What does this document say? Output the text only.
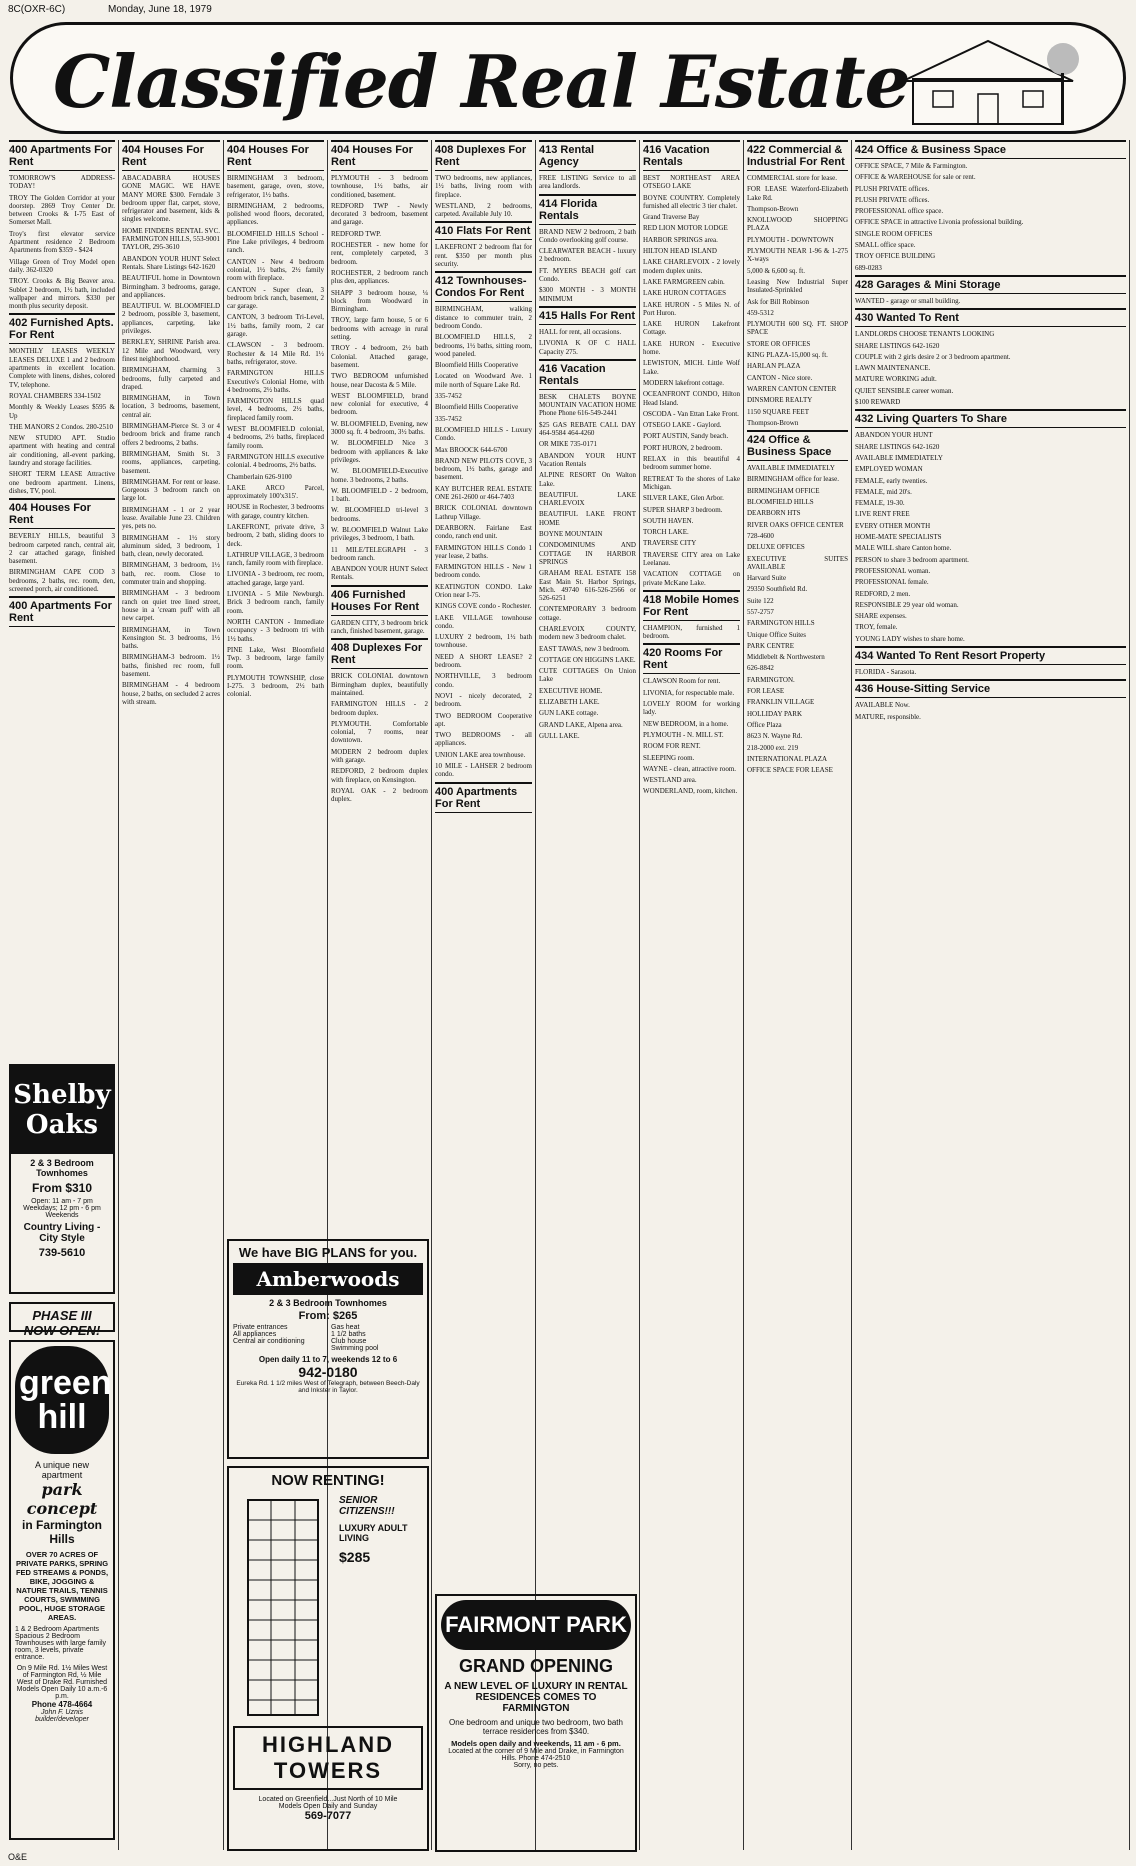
8C(OXR-6C)	Monday, June 18, 1979
Classified Real Estate
400 Apartments For Rent
TOMORROW'S ADDRESS-TODAY!
TROY The Golden Corridor at your doorstep. 2869 Troy Center Dr. between Crooks & I-75 East of Somerset Mall.
Troy's first elevator service Apartment residence 2 Bedroom Apartments from $359 - $424
Village Green of Troy Model open daily. 362-0320
TROY. Crooks & Big Beaver area. Sublet 2 bedroom, 1½ bath, included wallpaper and mirrors. $330 per month plus security deposit.
402 Furnished Apts. For Rent
MONTHLY LEASES WEEKLY LEASES DELUXE 1 and 2 bedroom apartments in excellent location. Complete with linens, dishes, colored TV, telephone.
ROYAL CHAMBERS 334-1502
Monthly & Weekly Leases $595 & Up
THE MANORS 2 Condos. 280-2510
NEW STUDIO APT. Studio apartment with heating and central air conditioning, all-event parking, laundry and storage facilities.
SHORT TERM LEASE Attractive one bedroom apartment. Linens, dishes, TV, pool.
404 Houses For Rent
BEVERLY HILLS, beautiful 3 bedroom carpeted ranch, central air, 2 car attached garage, finished basement.
BIRMINGHAM CAPE COD 3 bedrooms, 2 baths, rec. room, den, screened porch, air conditioned.
400 Apartments For Rent
Shelby Oaks
2 & 3 Bedroom Townhomes
From $310
Open: 11 am - 7 pm Weekdays; 12 pm - 6 pm Weekends
Country Living - City Style
739-5610
PHASE III NOW OPEN!
green hill
A unique new apartment
park concept
in Farmington Hills
OVER 70 ACRES OF PRIVATE PARKS, SPRING FED STREAMS & PONDS, BIKE, JOGGING & NATURE TRAILS, TENNIS COURTS, SWIMMING POOL, HUGE STORAGE AREAS.
1 & 2 Bedroom Apartments
Spacious 2 Bedroom Townhouses with large family room, 3 levels, private entrance.
On 9 Mile Rd. 1½ Miles West of Farmington Rd, ½ Mile West of Drake Rd. Furnished Models Open Daily 10 a.m.-6 p.m.
Phone 478-4664
John F. Uznis builder/developer
404 Houses For Rent
ABACADABRA HOUSES GONE MAGIC. WE HAVE MANY MORE $300. Ferndale 3 bedroom upper flat, carpet, stove, refrigerator and basement, kids & singles welcome.
HOME FINDERS RENTAL SVC. FARMINGTON HILLS, 553-9001 TAYLOR, 295-3610
ABANDON YOUR HUNT Select Rentals. Share Listings 642-1620
BEAUTIFUL home in Downtown Birmingham. 3 bedrooms, garage, and appliances.
BEAUTIFUL W. BLOOMFIELD 2 bedroom, possible 3, basement, appliances, carpeting, lake privileges.
BERKLEY, SHRINE Parish area. 12 Mile and Woodward, very finest neighborhood.
BIRMINGHAM, charming 3 bedrooms, fully carpeted and draped.
BIRMINGHAM, in Town location, 3 bedrooms, basement, central air.
BIRMINGHAM-Pierce St. 3 or 4 bedroom brick and frame ranch offers 2 bedrooms, 2 baths.
BIRMINGHAM, Smith St. 3 rooms, appliances, carpeting, basement.
BIRMINGHAM. For rent or lease. Gorgeous 3 bedroom ranch on large lot.
BIRMINGHAM - 1 or 2 year lease. Available June 23. Children yes, pets no.
BIRMINGHAM - 1½ story aluminum sided, 3 bedroom, 1 bath, clean, newly decorated.
BIRMINGHAM, 3 bedroom, 1½ bath, rec. room. Close to commuter train and shopping.
BIRMINGHAM - 3 bedroom ranch on quiet tree lined street, house in a 'cream puff' with all new carpet.
BIRMINGHAM, in Town Kensington St. 3 bedrooms, 1½ baths.
BIRMINGHAM-3 bedroom. 1½ baths, finished rec room, full basement.
BIRMINGHAM - 4 bedroom house, 2 baths, on secluded 2 acres with stream.
404 Houses For Rent
BIRMINGHAM 3 bedroom, basement, garage, oven, stove, refrigerator, 1½ baths.
BIRMINGHAM, 2 bedrooms, polished wood floors, decorated, appliances.
BLOOMFIELD HILLS School - Pine Lake privileges, 4 bedroom ranch.
CANTON - New 4 bedroom colonial, 1½ baths, 2½ family room with fireplace.
CANTON - Super clean, 3 bedroom brick ranch, basement, 2 car garage.
CANTON, 3 bedroom Tri-Level, 1½ baths, family room, 2 car garage.
CLAWSON - 3 bedroom. Rochester & 14 Mile Rd. 1½ baths, refrigerator, stove.
FARMINGTON HILLS Executive's Colonial Home, with 4 bedrooms, 2½ baths.
FARMINGTON HILLS quad level, 4 bedrooms, 2½ baths, fireplaced family room.
WEST BLOOMFIELD colonial, 4 bedrooms, 2½ baths, fireplaced family room.
FARMINGTON HILLS executive colonial. 4 bedrooms, 2½ baths.
Chamberlain 626-9100
LAKE ARCO Parcel, approximately 100'x315'.
HOUSE in Rochester, 3 bedrooms with garage, country kitchen.
LAKEFRONT, private drive, 3 bedroom, 2 bath, sliding doors to deck.
LATHRUP VILLAGE, 3 bedroom ranch, family room with fireplace.
LIVONIA - 3 bedroom, rec room, attached garage, large yard.
LIVONIA - 5 Mile Newburgh. Brick 3 bedroom ranch, family room.
NORTH CANTON - Immediate occupancy - 3 bedroom tri with 1½ baths.
PINE Lake, West Bloomfield Twp. 3 bedroom, large family room.
PLYMOUTH TOWNSHIP, close I-275. 3 bedroom, 2½ bath colonial.
404 Houses For Rent
PLYMOUTH - 3 bedroom townhouse, 1½ baths, air conditioned, basement.
REDFORD TWP - Newly decorated 3 bedroom, basement and garage.
REDFORD TWP.
ROCHESTER - new home for rent, completely carpeted, 3 bedroom.
ROCHESTER, 2 bedroom ranch plus den, appliances.
SHAPP 3 bedroom house, ¼ block from Woodward in Birmingham.
TROY, large farm house, 5 or 6 bedrooms with acreage in rural setting.
TROY - 4 bedroom, 2½ bath Colonial. Attached garage, basement.
TWO BEDROOM unfurnished house, near Dacosta & 5 Mile.
WEST BLOOMFIELD, brand new colonial for executive, 4 bedroom.
W. BLOOMFIELD, Evening, new 3000 sq. ft. 4 bedroom, 3½ baths.
W. BLOOMFIELD Nice 3 bedroom with appliances & lake privileges.
W. BLOOMFIELD-Executive home. 3 bedrooms, 2 baths.
W. BLOOMFIELD - 2 bedroom, 1 bath.
W. BLOOMFIELD tri-level 3 bedrooms.
W. BLOOMFIELD Walnut Lake privileges, 3 bedroom, 1 bath.
11 MILE/TELEGRAPH - 3 bedroom ranch.
ABANDON YOUR HUNT Select Rentals.
406 Furnished Houses For Rent
GARDEN CITY, 3 bedroom brick ranch, finished basement, garage.
408 Duplexes For Rent
BRICK COLONIAL downtown Birmingham duplex, beautifully maintained.
FARMINGTON HILLS - 2 bedroom duplex.
PLYMOUTH. Comfortable colonial, 7 rooms, near downtown.
MODERN 2 bedroom duplex with garage.
REDFORD, 2 bedroom duplex with fireplace, on Kensington.
ROYAL OAK - 2 bedroom duplex.
408 Duplexes For Rent
TWO bedrooms, new appliances, 1½ baths, living room with fireplace.
WESTLAND, 2 bedrooms, carpeted. Available July 10.
410 Flats For Rent
LAKEFRONT 2 bedroom flat for rent. $350 per month plus security.
412 Townhouses-Condos For Rent
BIRMINGHAM, walking distance to commuter train, 2 bedroom Condo.
BLOOMFIELD HILLS, 2 bedrooms, 1½ baths, sitting room, wood paneled.
Bloomfield Hills Cooperative
Located on Woodward Ave. 1 mile north of Square Lake Rd.
335-7452
Bloomfield Hills Cooperative
335-7452
BLOOMFIELD HILLS - Luxury Condo.
Max BROOCK 644-6700
BRAND NEW PILOTS COVE, 3 bedroom, 1½ baths, garage and basement.
KAY BUTCHER REAL ESTATE ONE 261-2600 or 464-7403
BRICK COLONIAL downtown Lathrup Village.
DEARBORN. Fairlane East condo, ranch end unit.
FARMINGTON HILLS Condo 1 year lease, 2 baths.
FARMINGTON HILLS - New 1 bedroom condo.
KEATINGTON CONDO. Lake Orion near I-75.
KINGS COVE condo - Rochester.
LAKE VILLAGE townhouse condo.
LUXURY 2 bedroom, 1½ bath townhouse.
NEED A SHORT LEASE? 2 bedroom.
NORTHVILLE, 3 bedroom condo.
NOVI - nicely decorated, 2 bedroom.
TWO BEDROOM Cooperative apt.
TWO BEDROOMS - all appliances.
UNION LAKE area townhouse.
10 MILE - LAHSER 2 bedroom condo.
400 Apartments For Rent
413 Rental Agency
FREE LISTING Service to all area landlords.
414 Florida Rentals
BRAND NEW 2 bedroom, 2 bath Condo overlooking golf course.
CLEARWATER BEACH - luxury 2 bedroom.
FT. MYERS BEACH golf cart Condo.
$300 MONTH - 3 MONTH MINIMUM
415 Halls For Rent
HALL for rent, all occasions.
LIVONIA K OF C HALL Capacity 275.
416 Vacation Rentals
BESK CHALETS BOYNE MOUNTAIN VACATION HOME Phone Phone 616-549-2441
$25 GAS REBATE CALL DAY 464-9584 464-4260
OR MIKE 735-0171
ABANDON YOUR HUNT Vacation Rentals
ALPINE RESORT On Walton Lake.
BEAUTIFUL LAKE CHARLEVOIX
BEAUTIFUL LAKE FRONT HOME
BOYNE MOUNTAIN
CONDOMINIUMS AND COTTAGE IN HARBOR SPRINGS
GRAHAM REAL ESTATE 158 East Main St. Harbor Springs, Mich. 49740 616-526-2566 or 526-6251
CONTEMPORARY 3 bedroom cottage.
CHARLEVOIX COUNTY, modern new 3 bedroom chalet.
EAST TAWAS, new 3 bedroom.
COTTAGE ON HIGGINS LAKE.
CUTE COTTAGES On Union Lake
EXECUTIVE HOME.
ELIZABETH LAKE.
GUN LAKE cottage.
GRAND LAKE, Alpena area.
GULL LAKE.
416 Vacation Rentals
BEST NORTHEAST AREA OTSEGO LAKE
BOYNE COUNTRY. Completely furnished all electric 3 tier chalet.
Grand Traverse Bay
RED LION MOTOR LODGE
HARBOR SPRINGS area.
HILTON HEAD ISLAND
LAKE CHARLEVOIX - 2 lovely modern duplex units.
LAKE FARMGREEN cabin.
LAKE HURON COTTAGES
LAKE HURON - 5 Miles N. of Port Huron.
LAKE HURON Lakefront Cottage.
LAKE HURON - Executive home.
LEWISTON, MICH. Little Wolf Lake.
MODERN lakefront cottage.
OCEANFRONT CONDO, Hilton Head Island.
OSCODA - Van Ettan Lake Front.
OTSEGO LAKE - Gaylord.
PORT AUSTIN, Sandy beach.
PORT HURON, 2 bedroom.
RELAX in this beautiful 4 bedroom summer home.
RETREAT To the shores of Lake Michigan.
SILVER LAKE, Glen Arbor.
SUPER SHARP 3 bedroom.
SOUTH HAVEN.
TORCH LAKE.
TRAVERSE CITY
TRAVERSE CITY area on Lake Leelanau.
VACATION COTTAGE on private McKane Lake.
418 Mobile Homes For Rent
CHAMPION, furnished 1 bedroom.
420 Rooms For Rent
CLAWSON Room for rent.
LIVONIA, for respectable male.
LOVELY ROOM for working lady.
NEW BEDROOM, in a home.
PLYMOUTH - N. MILL ST.
ROOM FOR RENT.
SLEEPING room.
WAYNE - clean, attractive room.
WESTLAND area.
WONDERLAND, room, kitchen.
422 Commercial & Industrial For Rent
COMMERCIAL store for lease.
FOR LEASE Waterford-Elizabeth Lake Rd.
Thompson-Brown
KNOLLWOOD SHOPPING PLAZA
PLYMOUTH - DOWNTOWN
PLYMOUTH NEAR 1-96 & 1-275 X-ways
5,000 & 6,600 sq. ft.
Leasing New Industrial Super Insulated-Sprinkled
Ask for Bill Robinson
459-5312
PLYMOUTH 600 SQ. FT. SHOP SPACE
STORE OR OFFICES
KING PLAZA-15,000 sq. ft.
HARLAN PLAZA
CANTON - Nice store.
WARREN CANTON CENTER
DINSMORE REALTY
1150 SQUARE FEET
Thompson-Brown
424 Office & Business Space
AVAILABLE IMMEDIATELY
BIRMINGHAM office for lease.
BIRMINGHAM OFFICE
BLOOMFIELD HILLS
DEARBORN HTS
RIVER OAKS OFFICE CENTER
728-4600
DELUXE OFFICES
EXECUTIVE SUITES AVAILABLE
Harvard Suite
29350 Southfield Rd.
Suite 122
557-2757
FARMINGTON HILLS
Unique Office Suites
PARK CENTRE
Middlebelt & Northwestern
626-8842
FARMINGTON.
FOR LEASE
FRANKLIN VILLAGE
HOLLIDAY PARK
Office Plaza
8623 N. Wayne Rd.
218-2000 ext. 219
INTERNATIONAL PLAZA
OFFICE SPACE FOR LEASE
424 Office & Business Space
OFFICE SPACE, 7 Mile & Farmington.
OFFICE & WAREHOUSE for sale or rent.
PLUSH PRIVATE offices.
PLUSH PRIVATE offices.
PROFESSIONAL office space.
OFFICE SPACE in attractive Livonia professional building.
SINGLE ROOM OFFICES
SMALL office space.
TROY OFFICE BUILDING
689-0283
428 Garages & Mini Storage
WANTED - garage or small building.
430 Wanted To Rent
LANDLORDS CHOOSE TENANTS LOOKING
SHARE LISTINGS 642-1620
COUPLE with 2 girls desire 2 or 3 bedroom apartment.
LAWN MAINTENANCE.
MATURE WORKING adult.
QUIET SENSIBLE career woman.
$100 REWARD
432 Living Quarters To Share
ABANDON YOUR HUNT
SHARE LISTINGS 642-1620
AVAILABLE IMMEDIATELY
EMPLOYED WOMAN
FEMALE, early twenties.
FEMALE, mid 20's.
FEMALE, 19-30.
LIVE RENT FREE
EVERY OTHER MONTH
HOME-MATE SPECIALISTS
MALE WILL share Canton home.
PERSON to share 3 bedroom apartment.
PROFESSIONAL woman.
PROFESSIONAL female.
REDFORD, 2 men.
RESPONSIBLE 29 year old woman.
SHARE expenses.
TROY, female.
YOUNG LADY wishes to share home.
434 Wanted To Rent Resort Property
FLORIDA - Sarasota.
436 House-Sitting Service
AVAILABLE Now.
MATURE, responsible.
We have BIG PLANS for you.
Amberwoods
2 & 3 Bedroom Townhomes
From: $265
Private entrances
All appliances
Central air conditioning
Gas heat
1 1/2 baths
Club house
Swimming pool
Open daily 11 to 7, weekends 12 to 6
942-0180
Eureka Rd. 1 1/2 miles West of Telegraph, between Beech-Daly and Inkster in Taylor.
NOW RENTING!
SENIOR CITIZENS!!!
LUXURY ADULT LIVING
$285
HIGHLAND TOWERS
Located on Greenfield...Just North of 10 Mile
Models Open Daily and Sunday
569-7077
FAIRMONT PARK
GRAND OPENING
A NEW LEVEL OF LUXURY IN RENTAL RESIDENCES COMES TO FARMINGTON
One bedroom and unique two bedroom, two bath terrace residences from $340.
Models open daily and weekends, 11 am - 6 pm.
Located at the corner of 9 Mile and Drake, in Farmington Hills. Phone 474-2510
Sorry, no pets.
O&E
